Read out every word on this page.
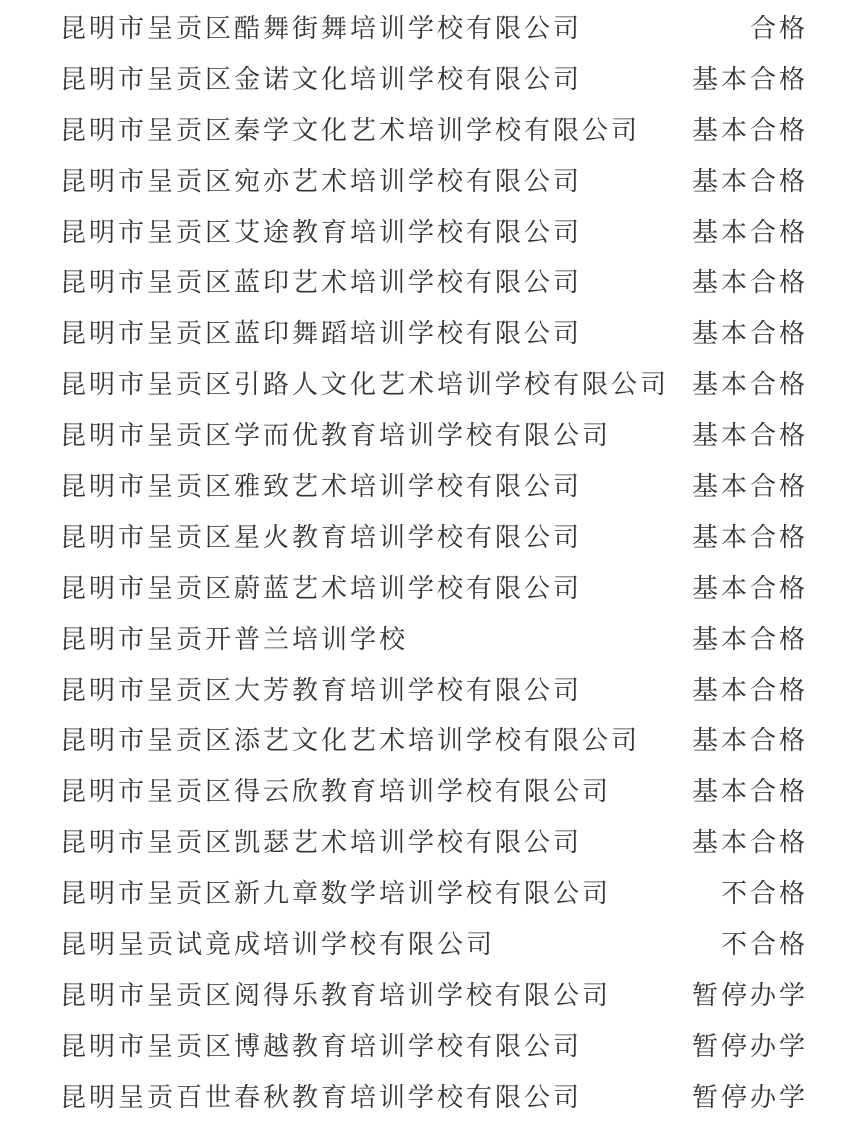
昆明市呈贡区酷舞街舞培训学校有限公司	合格
昆明市呈贡区金诺文化培训学校有限公司	基本合格
昆明市呈贡区秦学文化艺术培训学校有限公司 基本合格
昆明市呈贡区宛亦艺术培训学校有限公司	基本合格
昆明市呈贡区艾途教育培训学校有限公司	基本合格
昆明市呈贡区蓝印艺术培训学校有限公司	基本合格
昆明市呈贡区蓝印舞蹈培训学校有限公司	基本合格
昆明市呈贡区引路人文化艺术培训学校有限公司 基本合格
昆明市呈贡区学而优教育培训学校有限公司	基本合格
昆明市呈贡区雅致艺术培训学校有限公司	基本合格
昆明市呈贡区星火教育培训学校有限公司	基本合格
昆明市呈贡区蔚蓝艺术培训学校有限公司	基本合格
昆明市呈贡开普兰培训学校	基本合格
昆明市呈贡区大芳教育培训学校有限公司	基本合格
昆明市呈贡区添艺文化艺术培训学校有限公司 基本合格
昆明市呈贡区得云欣教育培训学校有限公司	基本合格
昆明市呈贡区凯瑟艺术培训学校有限公司	基本合格
昆明市呈贡区新九章数学培训学校有限公司	不合格
昆明呈贡试竟成培训学校有限公司	不合格
昆明市呈贡区阅得乐教育培训学校有限公司	暂停办学
昆明市呈贡区博越教育培训学校有限公司	暂停办学
昆明呈贡百世春秋教育培训学校有限公司	暂停办学
